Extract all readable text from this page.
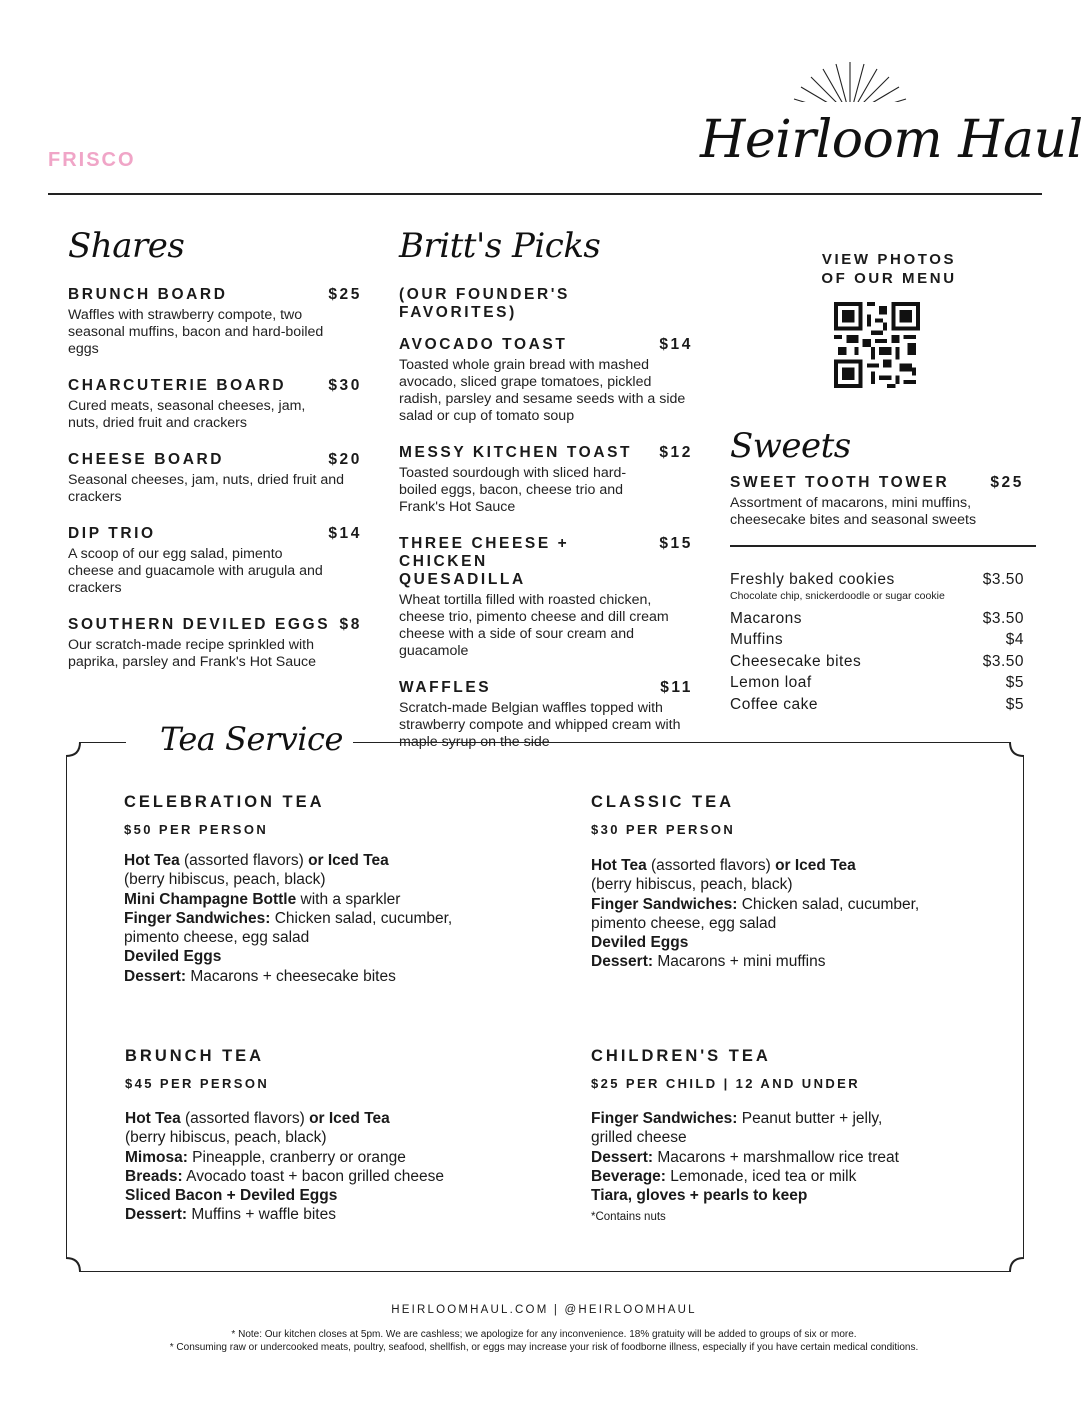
FRISCO	Heirloom Haul
Shares
BRUNCH BOARD	$25
Waffles with strawberry compote, two seasonal muffins, bacon and hard-boiled eggs
CHARCUTERIE BOARD	$30
Cured meats, seasonal cheeses, jam, nuts, dried fruit and crackers
CHEESE BOARD	$20
Seasonal cheeses, jam, nuts, dried fruit and crackers
DIP TRIO	$14
A scoop of our egg salad, pimento cheese and guacamole with arugula and crackers
SOUTHERN DEVILED EGGS $8
Our scratch-made recipe sprinkled with paprika, parsley and Frank's Hot Sauce
Britt's Picks
(OUR FOUNDER'S FAVORITES)
AVOCADO TOAST	$14
Toasted whole grain bread with mashed avocado, sliced grape tomatoes, pickled radish, parsley and sesame seeds with a side salad or cup of tomato soup
MESSY KITCHEN TOAST $12
Toasted sourdough with sliced hard-boiled eggs, bacon, cheese trio and Frank's Hot Sauce
THREE CHEESE + CHICKEN QUESADILLA
$15
Wheat tortilla filled with roasted chicken, cheese trio, pimento cheese and dill cream cheese with a side of sour cream and guacamole
WAFFLES	$11
Scratch-made Belgian waffles topped with strawberry compote and whipped cream with maple syrup on the side
VIEW PHOTOS
OF OUR MENU
Sweets
SWEET TOOTH TOWER	$25
Assortment of macarons, mini muffins, cheesecake bites and seasonal sweets
Freshly baked cookies	$3.50
Chocolate chip, snickerdoodle or sugar cookie
Macarons	$3.50
Muffins	$4
Cheesecake bites	$3.50
Lemon loaf	$5
Coffee cake	$5
Tea Service
CELEBRATION TEA
$50 PER PERSON
Hot Tea (assorted flavors) or Iced Tea
(berry hibiscus, peach, black)
Mini Champagne Bottle with a sparkler
Finger Sandwiches: Chicken salad, cucumber,
pimento cheese, egg salad
Deviled Eggs
Dessert: Macarons + cheesecake bites
CLASSIC TEA
$30 PER PERSON
Hot Tea (assorted flavors) or Iced Tea
(berry hibiscus, peach, black)
Finger Sandwiches: Chicken salad, cucumber,
pimento cheese, egg salad
Deviled Eggs
Dessert: Macarons + mini muffins
BRUNCH TEA
$45 PER PERSON
Hot Tea (assorted flavors) or Iced Tea
(berry hibiscus, peach, black)
Mimosa: Pineapple, cranberry or orange
Breads: Avocado toast + bacon grilled cheese
Sliced Bacon + Deviled Eggs
Dessert: Muffins + waffle bites
CHILDREN'S TEA
$25 PER CHILD | 12 AND UNDER
Finger Sandwiches: Peanut butter + jelly,
grilled cheese
Dessert: Macarons + marshmallow rice treat
Beverage: Lemonade, iced tea or milk
Tiara, gloves + pearls to keep
*Contains nuts
HEIRLOOMHAUL.COM | @HEIRLOOMHAUL
* Note: Our kitchen closes at 5pm. We are cashless; we apologize for any inconvenience. 18% gratuity will be added to groups of six or more.
* Consuming raw or undercooked meats, poultry, seafood, shellfish, or eggs may increase your risk of foodborne illness, especially if you have certain medical conditions.
